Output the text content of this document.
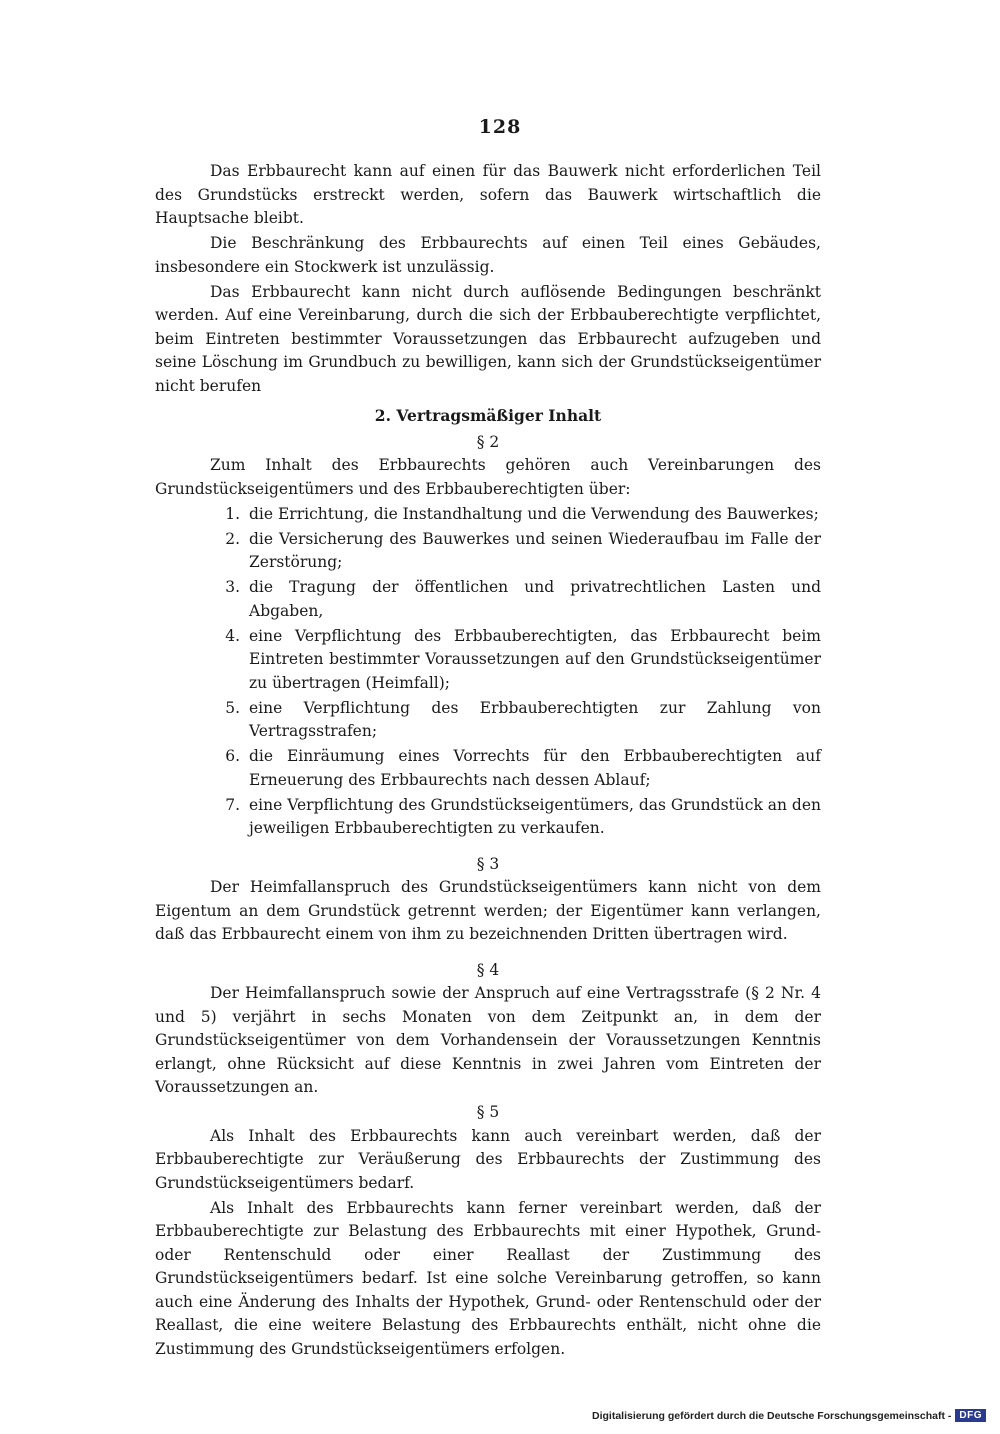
128

Das Erbbaurecht kann auf einen für das Bauwerk nicht erforderlichen Teil des Grundstücks erstreckt werden, sofern das Bauwerk wirtschaftlich die Hauptsache bleibt.

Die Beschränkung des Erbbaurechts auf einen Teil eines Gebäudes, insbesondere ein Stockwerk ist unzulässig.

Das Erbbaurecht kann nicht durch auflösende Bedingungen beschränkt werden. Auf eine Vereinbarung, durch die sich der Erbbauberechtigte verpflichtet, beim Eintreten bestimmter Voraussetzungen das Erbbaurecht aufzugeben und seine Löschung im Grundbuch zu bewilligen, kann sich der Grundstückseigentümer nicht berufen

2. Vertragsmäßiger Inhalt

§ 2

Zum Inhalt des Erbbaurechts gehören auch Vereinbarungen des Grundstückseigentümers und des Erbbauberechtigten über:

1. die Errichtung, die Instandhaltung und die Verwendung des Bauwerkes;
2. die Versicherung des Bauwerkes und seinen Wiederaufbau im Falle der Zerstörung;
3. die Tragung der öffentlichen und privatrechtlichen Lasten und Abgaben,
4. eine Verpflichtung des Erbbauberechtigten, das Erbbaurecht beim Eintreten bestimmter Voraussetzungen auf den Grundstückseigentümer zu übertragen (Heimfall);
5. eine Verpflichtung des Erbbauberechtigten zur Zahlung von Vertragsstrafen;
6. die Einräumung eines Vorrechts für den Erbbauberechtigten auf Erneuerung des Erbbaurechts nach dessen Ablauf;
7. eine Verpflichtung des Grundstückseigentümers, das Grundstück an den jeweiligen Erbbauberechtigten zu verkaufen.

§ 3

Der Heimfallanspruch des Grundstückseigentümers kann nicht von dem Eigentum an dem Grundstück getrennt werden; der Eigentümer kann verlangen, daß das Erbbaurecht einem von ihm zu bezeichnenden Dritten übertragen wird.

§ 4

Der Heimfallanspruch sowie der Anspruch auf eine Vertragsstrafe (§ 2 Nr. 4 und 5) verjährt in sechs Monaten von dem Zeitpunkt an, in dem der Grundstückseigentümer von dem Vorhandensein der Voraussetzungen Kenntnis erlangt, ohne Rücksicht auf diese Kenntnis in zwei Jahren vom Eintreten der Voraussetzungen an.

§ 5

Als Inhalt des Erbbaurechts kann auch vereinbart werden, daß der Erbbauberechtigte zur Veräußerung des Erbbaurechts der Zustimmung des Grundstückseigentümers bedarf.

Als Inhalt des Erbbaurechts kann ferner vereinbart werden, daß der Erbbauberechtigte zur Belastung des Erbbaurechts mit einer Hypothek, Grund- oder Rentenschuld oder einer Reallast der Zustimmung des Grundstückseigentümers bedarf. Ist eine solche Vereinbarung getroffen, so kann auch eine Änderung des Inhalts der Hypothek, Grund- oder Rentenschuld oder der Reallast, die eine weitere Belastung des Erbbaurechts enthält, nicht ohne die Zustimmung des Grundstückseigentümers erfolgen.

Digitalisierung gefördert durch die Deutsche Forschungsgemeinschaft - DFG
